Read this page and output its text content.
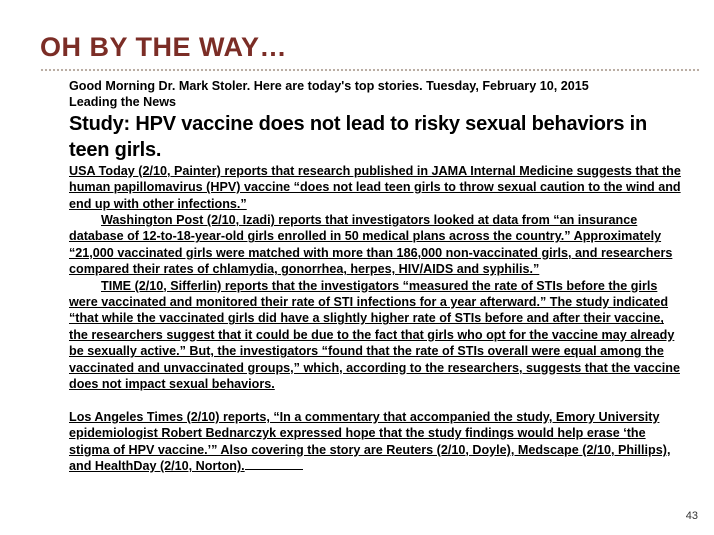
OH BY THE WAY…

Good Morning Dr. Mark Stoler. Here are today's top stories. Tuesday, February 10, 2015

Leading the News

Study: HPV vaccine does not lead to risky sexual behaviors in teen girls.

USA Today (2/10, Painter) reports that research published in JAMA Internal Medicine suggests that the human papillomavirus (HPV) vaccine “does not lead teen girls to throw sexual caution to the wind and end up with other infections.”

Washington Post (2/10, Izadi) reports that investigators looked at data from “an insurance database of 12-to-18-year-old girls enrolled in 50 medical plans across the country.” Approximately “21,000 vaccinated girls were matched with more than 186,000 non-vaccinated girls, and researchers compared their rates of chlamydia, gonorrhea, herpes, HIV/AIDS and syphilis.”

TIME (2/10, Sifferlin) reports that the investigators “measured the rate of STIs before the girls were vaccinated and monitored their rate of STI infections for a year afterward.” The study indicated “that while the vaccinated girls did have a slightly higher rate of STIs before and after their vaccine, the researchers suggest that it could be due to the fact that girls who opt for the vaccine may already be sexually active.” But, the investigators “found that the rate of STIs overall were equal among the vaccinated and unvaccinated groups,” which, according to the researchers, suggests that the vaccine does not impact sexual behaviors.

Los Angeles Times (2/10) reports, “In a commentary that accompanied the study, Emory University epidemiologist Robert Bednarczyk expressed hope that the study findings would help erase ‘the stigma of HPV vaccine.’” Also covering the story are Reuters (2/10, Doyle), Medscape (2/10, Phillips), and HealthDay (2/10, Norton).

43
